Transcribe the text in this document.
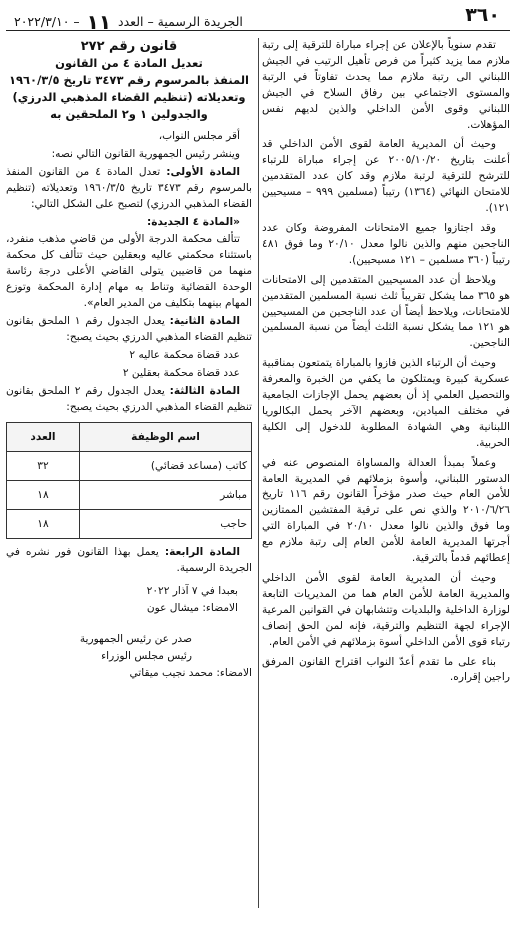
٣٦٠
الجريدة الرسمية – العدد ١١ – ٢٠٢٢/٣/١٠

تقدم سنوياً بالإعلان عن إجراء مباراة للترقية إلى رتبة ملازم مما يزيد كثيراً من فرص تأهيل الرتيب في الجيش اللبناني الى رتبة ملازم مما يحدث تفاوتاً في الرتبة والمستوى الاجتماعي بين رفاق السلاح في الجيش اللبناني وقوى الأمن الداخلي والذين لديهم نفس المؤهلات.

وحيث أن المديرية العامة لقوى الأمن الداخلي قد أعلنت بتاريخ ٢٠٠٥/١٠/٢٠ عن إجراء مباراة للرتباء للترشح للترقية لرتبة ملازم وقد كان عدد المتقدمين للامتحان النهائي (١٣٦٤) رتيباً (مسلمين ٩٩٩ – مسيحيين ١٢١).

وقد اجتازوا جميع الامتحانات المفروضة وكان عدد الناجحين منهم والذين نالوا معدل ٢٠/١٠ وما فوق ٤٨١ رتيباً (٣٦٠ مسلمين – ١٢١ مسيحيين).

ويلاحظ أن عدد المسيحيين المتقدمين إلى الامتحانات هو ٣٦٥ مما يشكل تقريباً ثلث نسبة المسلمين المتقدمين للامتحانات، ويلاحظ أيضاً أن عدد الناجحين من المسيحيين هو ١٢١ مما يشكل نسبة الثلث أيضاً من نسبة المسلمين الناجحين.

وحيث أن الرتباء الذين فازوا بالمباراة يتمتعون بمناقبية عسكرية كبيرة ويمتلكون ما يكفي من الخبرة والمعرفة والتحصيل العلمي إذ أن بعضهم يحمل الإجازات الجامعية في مختلف الميادين، وبعضهم الآخر يحمل البكالوريا اللبنانية وهي الشهادة المطلوبة للدخول إلى الكلية الحربية.

وعملاً بمبدأ العدالة والمساواة المنصوص عنه في الدستور اللبناني، وأسوة بزملائهم في المديرية العامة للأمن العام حيث صدر مؤخراً القانون رقم ١١٦ تاريخ ٢٠١٠/٦/٢٦ والذي نص على ترقية المفتشين الممتازين وما فوق والذين نالوا معدل ٢٠/١٠ في المباراة التي أجرتها المديرية العامة للأمن العام إلى رتبة ملازم مع إعطائهم قدماً بالترقية.

وحيث أن المديرية العامة لقوى الأمن الداخلي والمديرية العامة للأمن العام هما من المديريات التابعة لوزارة الداخلية والبلديات وتتشابهان في القوانين المرعية الإجراء لجهة التنظيم والترقية، فإنه لمن الحق إنصاف رتباء قوى الأمن الداخلي أسوة بزملائهم في الأمن العام.

بناء على ما تقدم أعدّ النواب اقتراح القانون المرفق راجين إقراره.

قانون رقم ٢٧٢
تعديل المادة ٤ من القانون
المنفذ بالمرسوم رقم ٣٤٧٣ تاريخ ١٩٦٠/٣/٥
وتعديلاته (تنظيم القضاء المذهبي الدرزي)
والجدولين ١ و٢ الملحقين به

أقر مجلس النواب،

وينشر رئيس الجمهورية القانون التالي نصه:

المادة الأولى: تعدل المادة ٤ من القانون المنفذ بالمرسوم رقم ٣٤٧٣ تاريخ ١٩٦٠/٣/٥ وتعديلاته (تنظيم القضاء المذهبي الدرزي) لتصبح على الشكل التالي:

«المادة ٤ الجديدة:

تتألف محكمة الدرجة الأولى من قاضي مذهب منفرد، باستثناء محكمتي عاليه وبعقلين حيث تتألف كل محكمة منهما من قاضيين يتولى القاضي الأعلى درجة رئاسة الوحدة القضائية وتناط به مهام إدارة المحكمة وتوزع المهام بينهما بتكليف من المدير العام».

المادة الثانية: يعدل الجدول رقم ١ الملحق بقانون تنظيم القضاء المذهبي الدرزي بحيث يصبح:

عدد قضاة محكمة عاليه ٢

عدد قضاة محكمة بعقلين ٢

المادة الثالثة: يعدل الجدول رقم ٢ الملحق بقانون تنظيم القضاء المذهبي الدرزي بحيث يصبح:

اسم الوظيفة	العدد
كاتب (مساعد قضائي)	٣٢
مباشر	١٨
حاجب	١٨

المادة الرابعة: يعمل بهذا القانون فور نشره في الجريدة الرسمية.

بعبدا في ٧ آذار ٢٠٢٢
الامضاء: ميشال عون
صدر عن رئيس الجمهورية
رئيس مجلس الوزراء
الامضاء: محمد نجيب ميقاتي
